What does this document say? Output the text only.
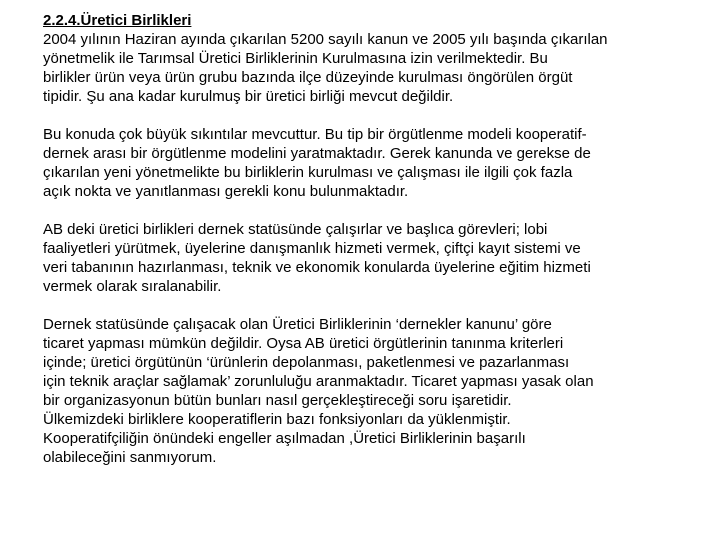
2.2.4.Üretici Birlikleri

2004 yılının Haziran ayında çıkarılan 5200 sayılı kanun ve 2005 yılı başında çıkarılan
yönetmelik ile Tarımsal Üretici Birliklerinin Kurulmasına izin verilmektedir. Bu
birlikler ürün veya ürün grubu bazında ilçe düzeyinde kurulması öngörülen örgüt
tipidir. Şu ana kadar kurulmuş bir üretici birliği mevcut değildir.

Bu konuda çok büyük sıkıntılar mevcuttur. Bu tip bir örgütlenme modeli kooperatif-
dernek arası bir örgütlenme modelini yaratmaktadır. Gerek kanunda ve gerekse de
çıkarılan yeni yönetmelikte bu birliklerin kurulması ve çalışması ile ilgili çok fazla
açık nokta ve yanıtlanması gerekli konu bulunmaktadır.

AB deki üretici birlikleri dernek statüsünde çalışırlar ve başlıca görevleri; lobi
faaliyetleri yürütmek, üyelerine danışmanlık hizmeti vermek, çiftçi kayıt sistemi ve
veri tabanının hazırlanması, teknik ve ekonomik konularda üyelerine eğitim hizmeti
vermek olarak sıralanabilir.

Dernek statüsünde çalışacak olan Üretici Birliklerinin ‘dernekler kanunu’ göre
ticaret yapması mümkün değildir. Oysa AB üretici örgütlerinin tanınma kriterleri
içinde; üretici örgütünün ‘ürünlerin depolanması, paketlenmesi ve pazarlanması
için teknik araçlar sağlamak’ zorunluluğu aranmaktadır. Ticaret yapması yasak olan
bir organizasyonun bütün bunları nasıl gerçekleştireceği soru işaretidir.
Ülkemizdeki birliklere kooperatiflerin bazı fonksiyonları da yüklenmiştir.
Kooperatifçiliğin önündeki engeller aşılmadan ,Üretici Birliklerinin başarılı
olabileceğini sanmıyorum.
